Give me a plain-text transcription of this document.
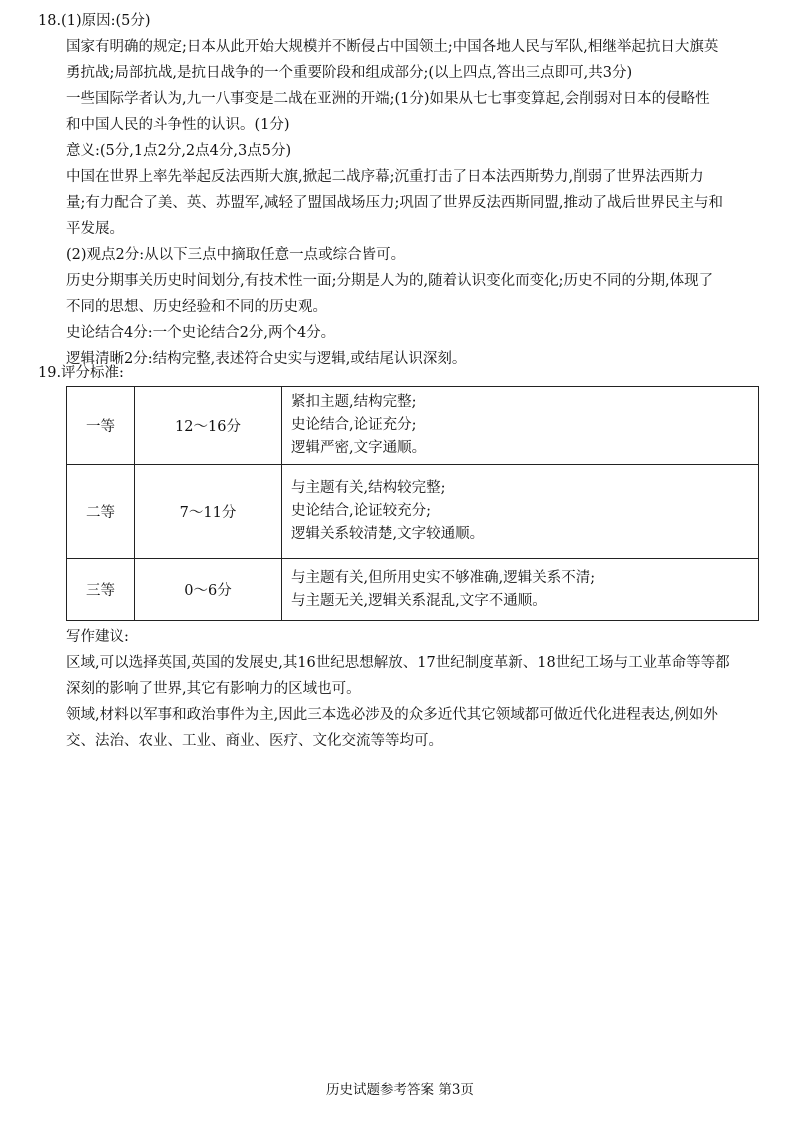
18.(1)原因:(5分)
国家有明确的规定;日本从此开始大规模并不断侵占中国领土;中国各地人民与军队,相继举起抗日大旗英
勇抗战;局部抗战,是抗日战争的一个重要阶段和组成部分;(以上四点,答出三点即可,共3分)
一些国际学者认为,九一八事变是二战在亚洲的开端;(1分)如果从七七事变算起,会削弱对日本的侵略性
和中国人民的斗争性的认识。(1分)
意义:(5分,1点2分,2点4分,3点5分)
中国在世界上率先举起反法西斯大旗,掀起二战序幕;沉重打击了日本法西斯势力,削弱了世界法西斯力
量;有力配合了美、英、苏盟军,减轻了盟国战场压力;巩固了世界反法西斯同盟,推动了战后世界民主与和
平发展。
(2)观点2分:从以下三点中摘取任意一点或综合皆可。
历史分期事关历史时间划分,有技术性一面;分期是人为的,随着认识变化而变化;历史不同的分期,体现了
不同的思想、历史经验和不同的历史观。
史论结合4分:一个史论结合2分,两个4分。
逻辑清晰2分:结构完整,表述符合史实与逻辑,或结尾认识深刻。
19.评分标准:
一等	12～16分	紧扣主题,结构完整;
史论结合,论证充分;
逻辑严密,文字通顺。

二等	7～11分	与主题有关,结构较完整;
史论结合,论证较充分;
逻辑关系较清楚,文字较通顺。

三等	0～6分	与主题有关,但所用史实不够准确,逻辑关系不清;
与主题无关,逻辑关系混乱,文字不通顺。
写作建议:
区域,可以选择英国,英国的发展史,其16世纪思想解放、17世纪制度革新、18世纪工场与工业革命等等都
深刻的影响了世界,其它有影响力的区域也可。
领域,材料以军事和政治事件为主,因此三本选必涉及的众多近代其它领域都可做近代化进程表达,例如外
交、法治、农业、工业、商业、医疗、文化交流等等均可。
历史试题参考答案 第3页
